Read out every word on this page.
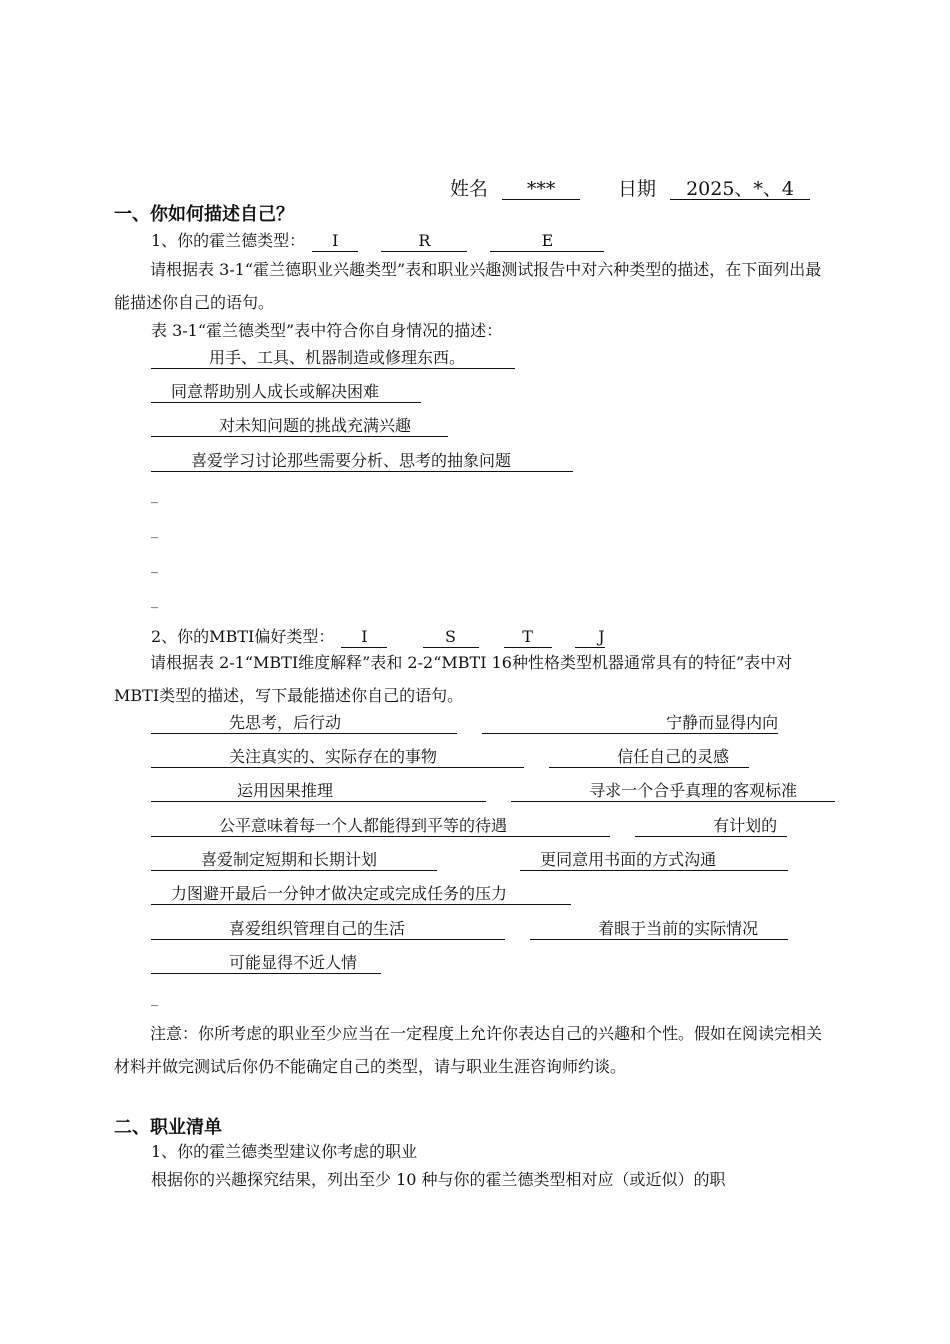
姓名 ***	日期 2025、*、4
一、你如何描述自己？
1、你的霍兰德类型： I	R	E
请根据表 3-1“霍兰德职业兴趣类型”表和职业兴趣测试报告中对六种类型的描述，在下面列出最能描述你自己的语句。
表 3-1“霍兰德类型”表中符合你自身情况的描述：
用手、工具、机器制造或修理东西。
同意帮助别人成长或解决困难
对未知问题的挑战充满兴趣
喜爱学习讨论那些需要分析、思考的抽象问题
_
_
_
_
2、你的MBTI偏好类型： I	S	T	J
请根据表 2-1“MBTI维度解释”表和 2-2“MBTI 16种性格类型机器通常具有的特征”表中对MBTI类型的描述，写下最能描述你自己的语句。
先思考，后行动	宁静而显得内向
关注真实的、实际存在的事物	信任自己的灵感
运用因果推理	寻求一个合乎真理的客观标准
公平意味着每一个人都能得到平等的待遇	有计划的
喜爱制定短期和长期计划	更同意用书面的方式沟通
力图避开最后一分钟才做决定或完成任务的压力
喜爱组织管理自己的生活	着眼于当前的实际情况
可能显得不近人情
_
注意：你所考虑的职业至少应当在一定程度上允许你表达自己的兴趣和个性。假如在阅读完相关材料并做完测试后你仍不能确定自己的类型，请与职业生涯咨询师约谈。
二、职业清单
1、你的霍兰德类型建议你考虑的职业
根据你的兴趣探究结果，列出至少 10 种与你的霍兰德类型相对应（或近似）的职
